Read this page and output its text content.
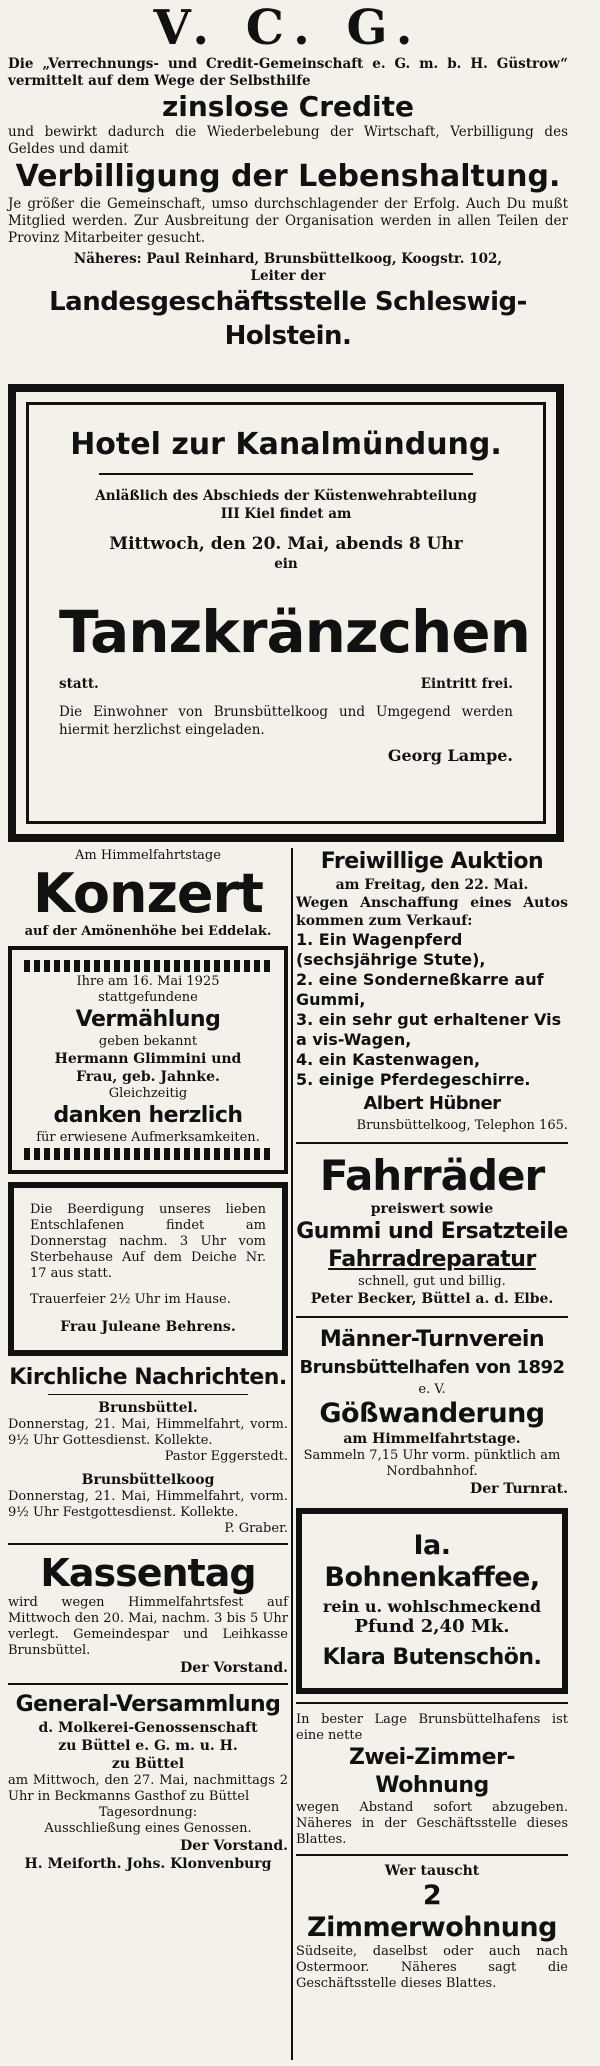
V. C. G.

Die „Verrechnungs- und Credit-Gemeinschaft e. G. m. b. H. Güstrow“ vermittelt auf dem Wege der Selbsthilfe

zinslose Credite

und bewirkt dadurch die Wiederbelebung der Wirtschaft, Verbilligung des Geldes und damit

Verbilligung der Lebenshaltung.

Je größer die Gemeinschaft, umso durchschlagender der Erfolg. Auch Du mußt Mitglied werden. Zur Ausbreitung der Organisation werden in allen Teilen der Provinz Mitarbeiter gesucht.

Näheres: Paul Reinhard, Brunsbüttelkoog, Koogstr. 102,

Leiter der

Landesgeschäftsstelle Schleswig-Holstein.
Hotel zur Kanalmündung.

Anläßlich des Abschieds der Küstenwehrabteilung

III Kiel findet am

Mittwoch, den 20. Mai, abends 8 Uhr

ein

Tanzkränzchen

statt.	Eintritt frei.

Die Einwohner von Brunsbüttelkoog und Umgegend werden hiermit herzlichst eingeladen.

Georg Lampe.

Am Himmelfahrtstage

Konzert

auf der Amönenhöhe bei Eddelak.

Ihre am 16. Mai 1925

stattgefundene

Vermählung

geben bekannt

Hermann Glimmini und

Frau, geb. Jahnke.

Gleichzeitig

danken herzlich

für erwiesene Aufmerksamkeiten.

Die Beerdigung unseres lieben Entschlafenen findet am Donnerstag nachm. 3 Uhr vom Sterbehause Auf dem Deiche Nr. 17 aus statt.

Trauerfeier 2½ Uhr im Hause.

Frau Juleane Behrens.

Kirchliche Nachrichten.

Brunsbüttel.

Donnerstag, 21. Mai, Himmelfahrt, vorm. 9½ Uhr Gottesdienst. Kollekte.

Pastor Eggerstedt.

Brunsbüttelkoog

Donnerstag, 21. Mai, Himmelfahrt, vorm. 9½ Uhr Festgottesdienst. Kollekte.

P. Graber.

Kassentag

wird wegen Himmelfahrtsfest auf Mittwoch den 20. Mai, nachm. 3 bis 5 Uhr verlegt. Gemeindespar und Leihkasse Brunsbüttel.

Der Vorstand.

General-Versammlung

d. Molkerei-Genossenschaft

zu Büttel e. G. m. u. H.

zu Büttel

am Mittwoch, den 27. Mai, nachmittags 2 Uhr in Beckmanns Gasthof zu Büttel

Tagesordnung:

Ausschließung eines Genossen.

Der Vorstand.

H. Meiforth. Johs. Klonvenburg

Freiwillige Auktion

am Freitag, den 22. Mai.

Wegen Anschaffung eines Autos kommen zum Verkauf:

1. Ein Wagenpferd (sechsjährige Stute),

2. eine Sonderneßkarre auf Gummi,

3. ein sehr gut erhaltener Vis a vis-Wagen,

4. ein Kastenwagen,

5. einige Pferdegeschirre.

Albert Hübner

Brunsbüttelkoog, Telephon 165.

Fahrräder

preiswert sowie

Gummi und Ersatzteile

Fahrradreparatur

schnell, gut und billig.

Peter Becker, Büttel a. d. Elbe.

Männer-Turnverein
Brunsbüttelhafen von 1892

e. V.

Gößwanderung

am Himmelfahrtstage.

Sammeln 7,15 Uhr vorm. pünktlich am Nordbahnhof.

Der Turnrat.

Ia. Bohnenkaffee,

rein u. wohlschmeckend

Pfund 2,40 Mk.

Klara Butenschön.

In bester Lage Brunsbüttelhafens ist eine nette

Zwei-Zimmer-Wohnung

wegen Abstand sofort abzugeben. Näheres in der Geschäftsstelle dieses Blattes.

Wer tauscht

2 Zimmerwohnung

Südseite, daselbst oder auch nach Ostermoor. Näheres sagt die Geschäftsstelle dieses Blattes.
